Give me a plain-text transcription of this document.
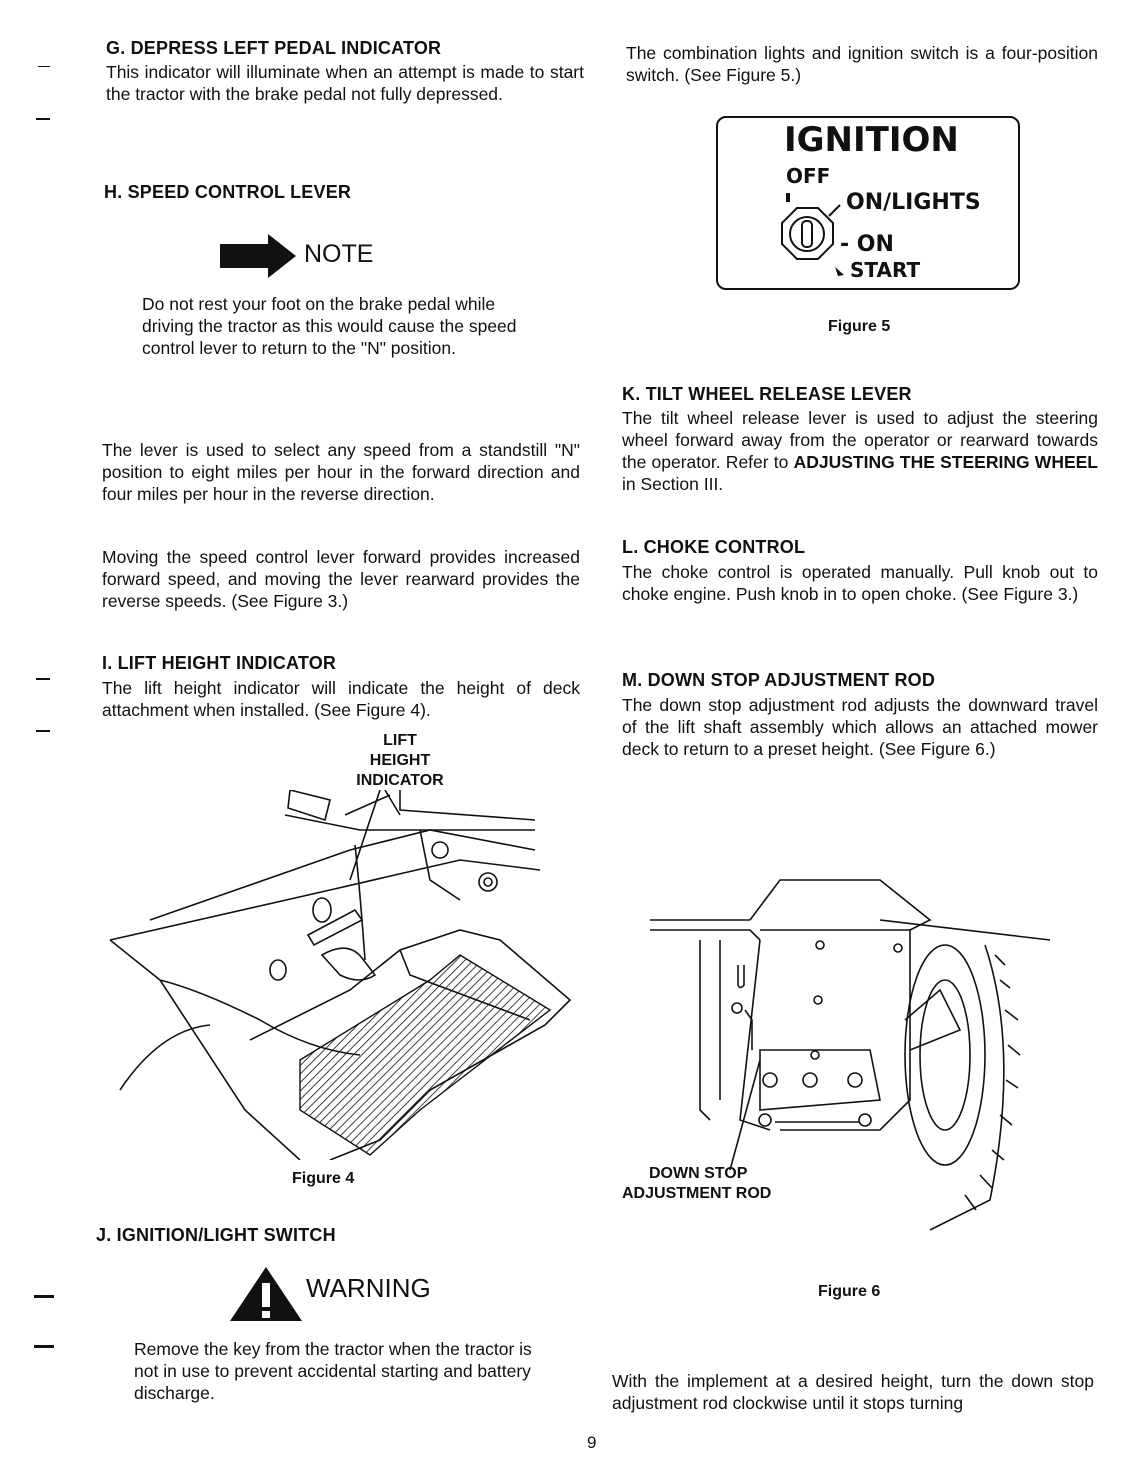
G. DEPRESS LEFT PEDAL INDICATOR
This indicator will illuminate when an attempt is made to start the tractor with the brake pedal not fully depressed.
H. SPEED CONTROL LEVER
NOTE
Do not rest your foot on the brake pedal while driving the tractor as this would cause the speed control lever to return to the "N" position.
The lever is used to select any speed from a standstill "N" position to eight miles per hour in the forward direction and four miles per hour in the reverse direction.
Moving the speed control lever forward provides increased forward speed, and moving the lever rearward provides the reverse speeds. (See Figure 3.)
I. LIFT HEIGHT INDICATOR
The lift height indicator will indicate the height of deck attachment when installed. (See Figure 4).
LIFT
HEIGHT
INDICATOR
Figure 4
J. IGNITION/LIGHT SWITCH
WARNING
Remove the key from the tractor when the tractor is not in use to prevent accidental starting and battery discharge.
The combination lights and ignition switch is a four-position switch. (See Figure 5.)
IGNITION
OFF
ON/LIGHTS
- ON
START
Figure 5
K. TILT WHEEL RELEASE LEVER
The tilt wheel release lever is used to adjust the steering wheel forward away from the operator or rearward towards the operator. Refer to ADJUSTING THE STEERING WHEEL in Section III.
L. CHOKE CONTROL
The choke control is operated manually. Pull knob out to choke engine. Push knob in to open choke. (See Figure 3.)
M. DOWN STOP ADJUSTMENT ROD
The down stop adjustment rod adjusts the downward travel of the lift shaft assembly which allows an attached mower deck to return to a preset height. (See Figure 6.)
DOWN STOP
ADJUSTMENT ROD
Figure 6
With the implement at a desired height, turn the down stop adjustment rod clockwise until it stops turning
9
